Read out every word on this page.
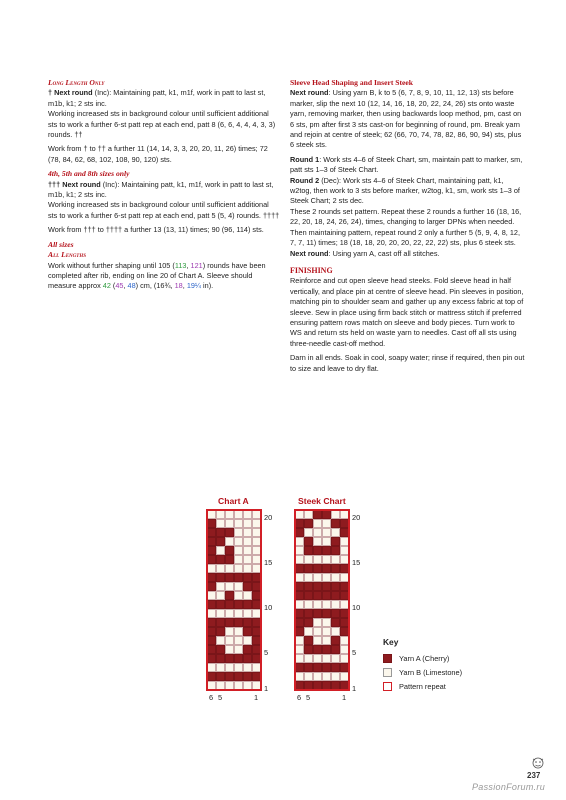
Long Length Only

† Next round (Inc): Maintaining patt, k1, m1f, work in patt to last st, m1b, k1; 2 sts inc.

Working increased sts in background colour until sufficient additional sts to work a further 6-st patt rep at each end, patt 8 (6, 6, 4, 4, 4, 3, 3) rounds. ††

Work from † to †† a further 11 (14, 14, 3, 3, 20, 20, 11, 26) times; 72 (78, 84, 62, 68, 102, 108, 90, 120) sts.

4th, 5th and 8th sizes only

††† Next round (Inc): Maintaining patt, k1, m1f, work in patt to last st, m1b, k1; 2 sts inc.

Working increased sts in background colour until sufficient additional sts to work a further 6-st patt rep at each end, patt 5 (5, 4) rounds. ††††

Work from ††† to †††† a further 13 (13, 11) times; 90 (96, 114) sts.

All sizes

All Lengths

Work without further shaping until 105 (113, 121) rounds have been completed after rib, ending on line 20 of Chart A. Sleeve should measure approx 42 (45, 48) cm, (16¾, 18, 19¼ in).

Sleeve Head Shaping and Insert Steek

Next round: Using yarn B, k to 5 (6, 7, 8, 9, 10, 11, 12, 13) sts before marker, slip the next 10 (12, 14, 16, 18, 20, 22, 24, 26) sts onto waste yarn, removing marker, then using backwards loop method, pm, cast on 6 sts, pm after first 3 sts cast-on for beginning of round, pm. Break yarn and rejoin at centre of steek; 62 (66, 70, 74, 78, 82, 86, 90, 94) sts, plus 6 steek sts.

Round 1: Work sts 4–6 of Steek Chart, sm, maintain patt to marker, sm, patt sts 1–3 of Steek Chart.

Round 2 (Dec): Work sts 4–6 of Steek Chart, maintaining patt, k1, w2tog, then work to 3 sts before marker, w2tog, k1, sm, work sts 1–3 of Steek Chart; 2 sts dec.

These 2 rounds set pattern. Repeat these 2 rounds a further 16 (18, 16, 22, 20, 18, 24, 26, 24), times, changing to larger DPNs when needed. Then maintaining pattern, repeat round 2 only a further 5 (5, 9, 4, 8, 12, 7, 7, 11) times; 18 (18, 18, 20, 20, 20, 22, 22, 22) sts, plus 6 steek sts.

Next round: Using yarn A, cast off all stitches.

FINISHING

Reinforce and cut open sleeve head steeks. Fold sleeve head in half vertically, and place pin at centre of sleeve head. Pin sleeves in position, matching pin to shoulder seam and gather up any excess fabric at top of sleeve. Sew in place using firm back stitch or mattress stitch if preferred ensuring pattern rows match on sleeve and body pieces. Turn work to WS and return sts held on waste yarn to needles. Cast off all sts using three-needle cast-off method.

Darn in all ends. Soak in cool, soapy water; rinse if required, then pin out to size and leave to dry flat.

Chart A	Steek Chart
20
15
10
5
1
6 5	1
20
15
10
5
1
6 5	1
Key
Yarn A (Cherry)
Yarn B (Limestone)
Pattern repeat
237
PassionForum.ru
